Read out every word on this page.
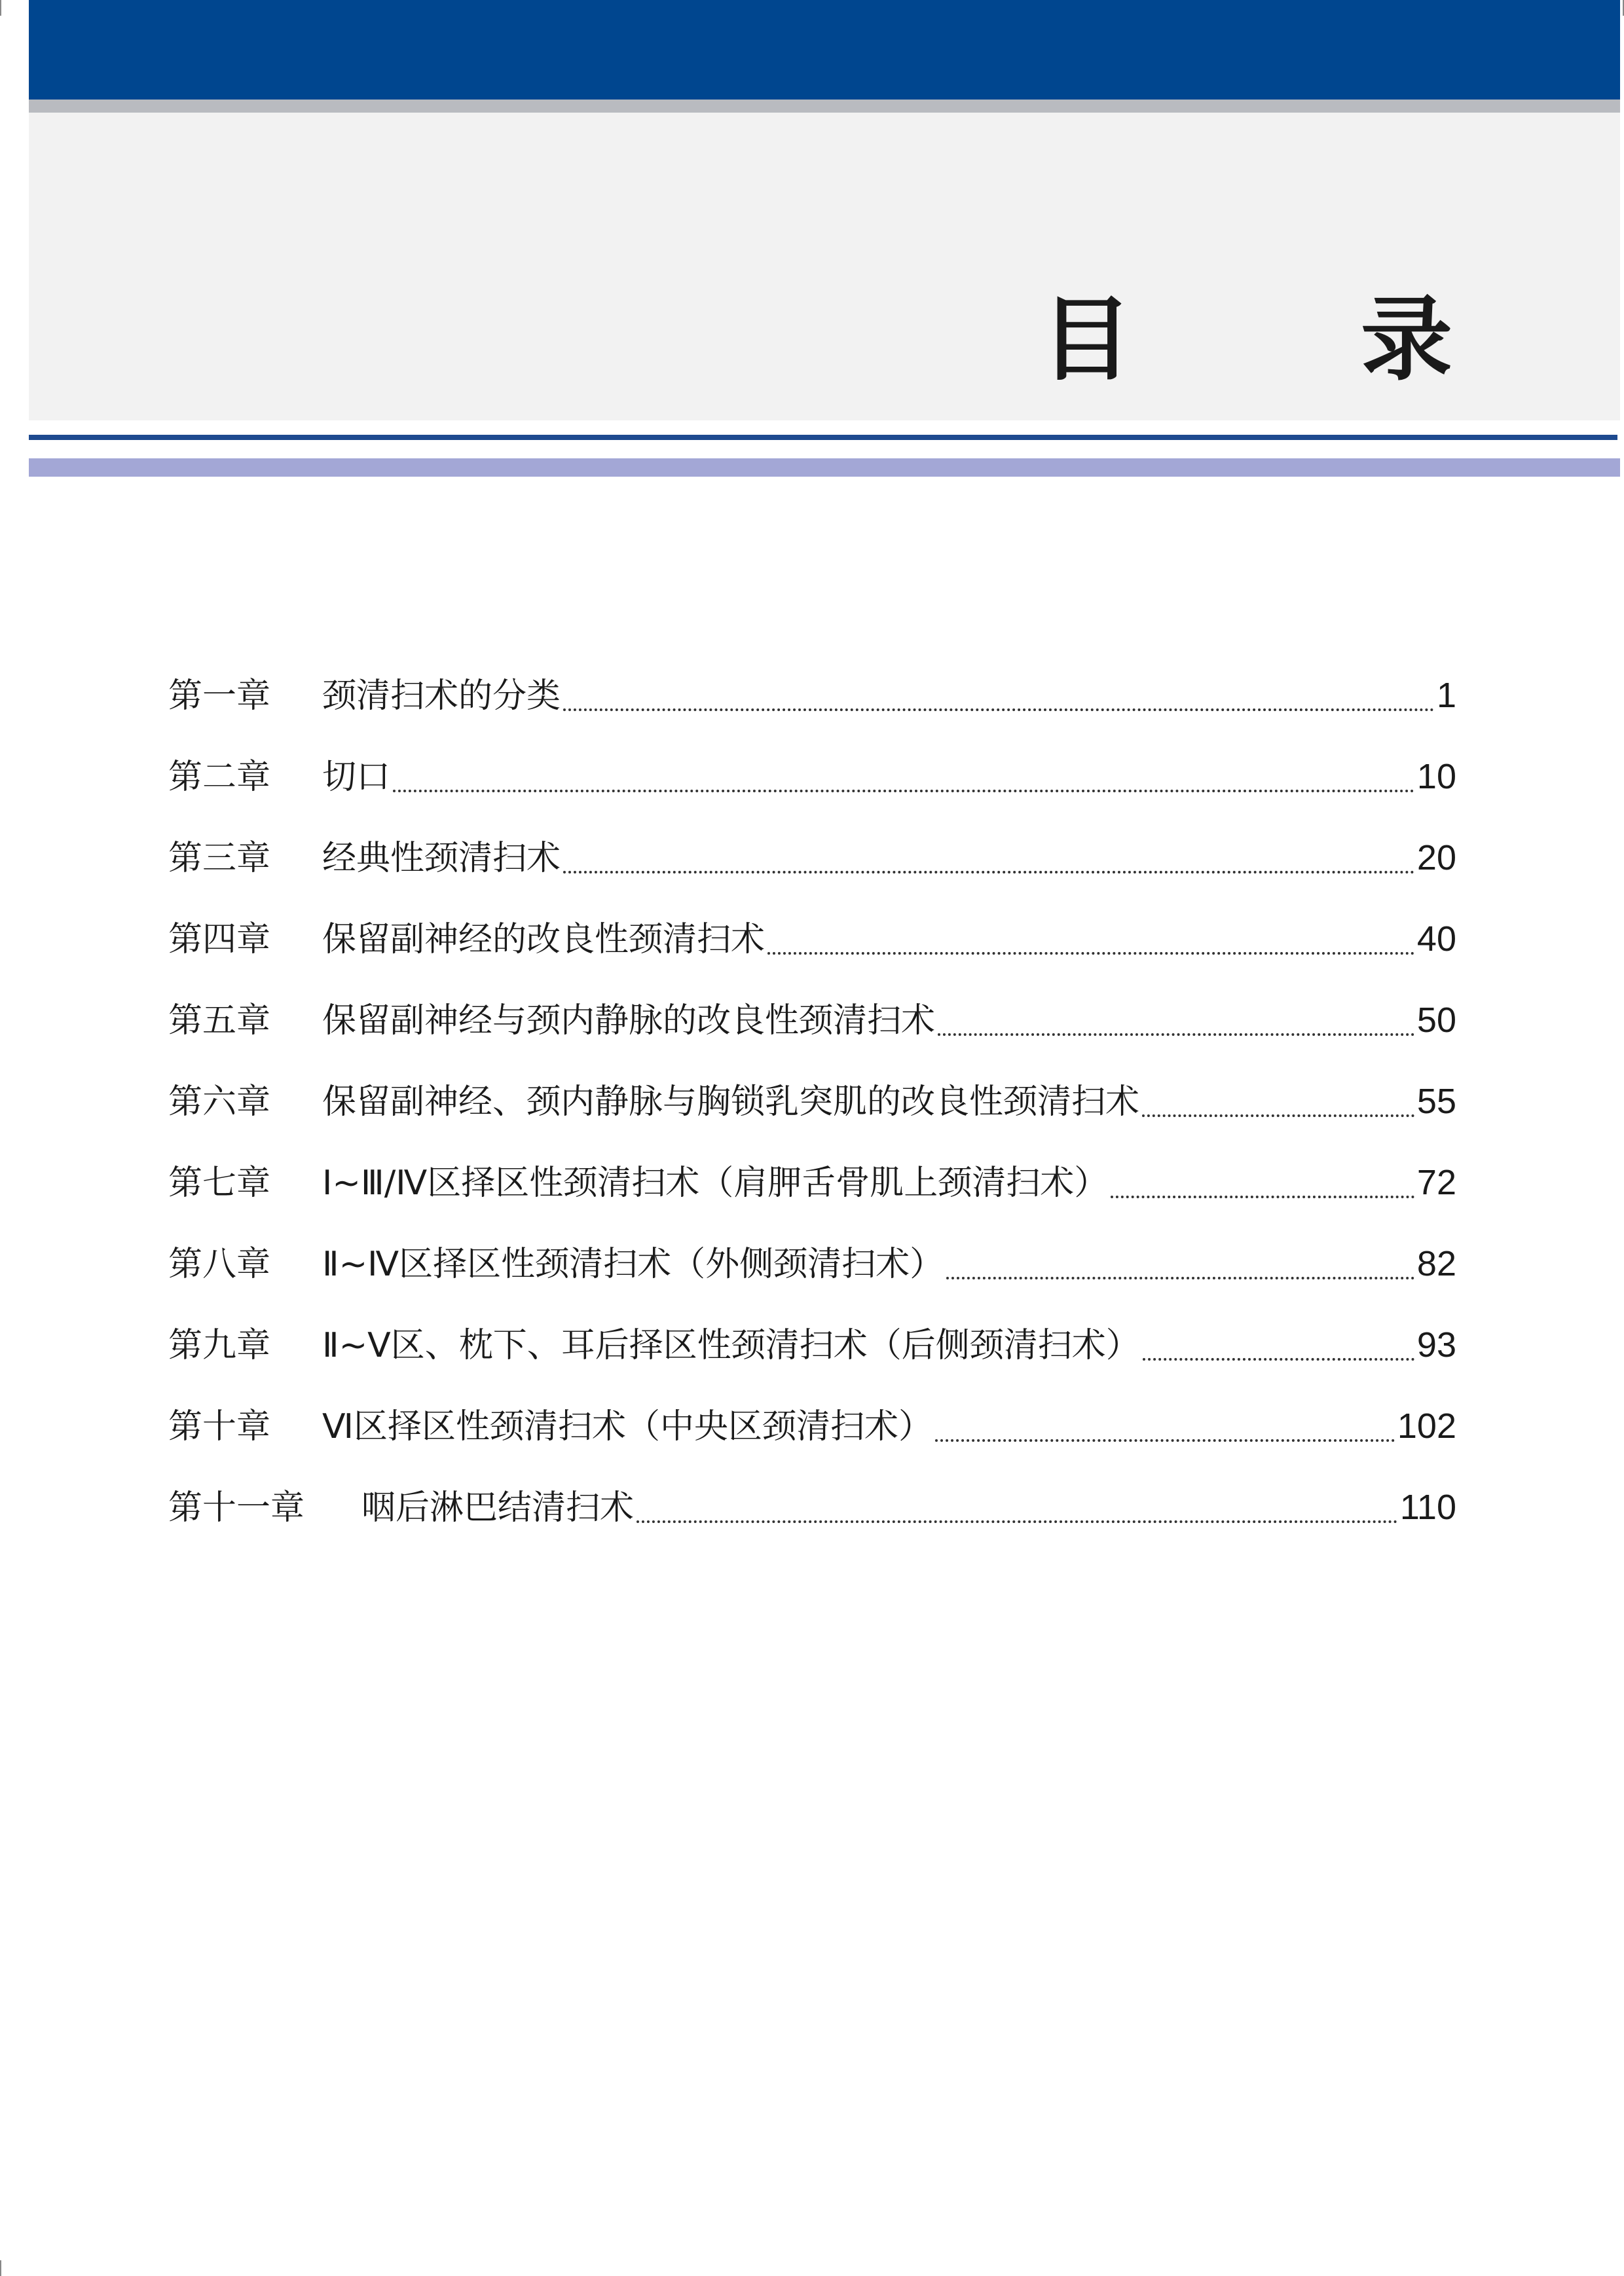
目 录
第一章	颈清扫术的分类	1
第二章	切口	10
第三章	经典性颈清扫术	20
第四章	保留副神经的改良性颈清扫术	40
第五章	保留副神经与颈内静脉的改良性颈清扫术	50
第六章	保留副神经、颈内静脉与胸锁乳突肌的改良性颈清扫术	55
第七章	Ⅰ~Ⅲ/Ⅳ区择区性颈清扫术（肩胛舌骨肌上颈清扫术）	72
第八章	Ⅱ~Ⅳ区择区性颈清扫术（外侧颈清扫术）	82
第九章	Ⅱ~Ⅴ区、枕下、耳后择区性颈清扫术（后侧颈清扫术）	93
第十章	Ⅵ区择区性颈清扫术（中央区颈清扫术）	102
第十一章	咽后淋巴结清扫术	110
